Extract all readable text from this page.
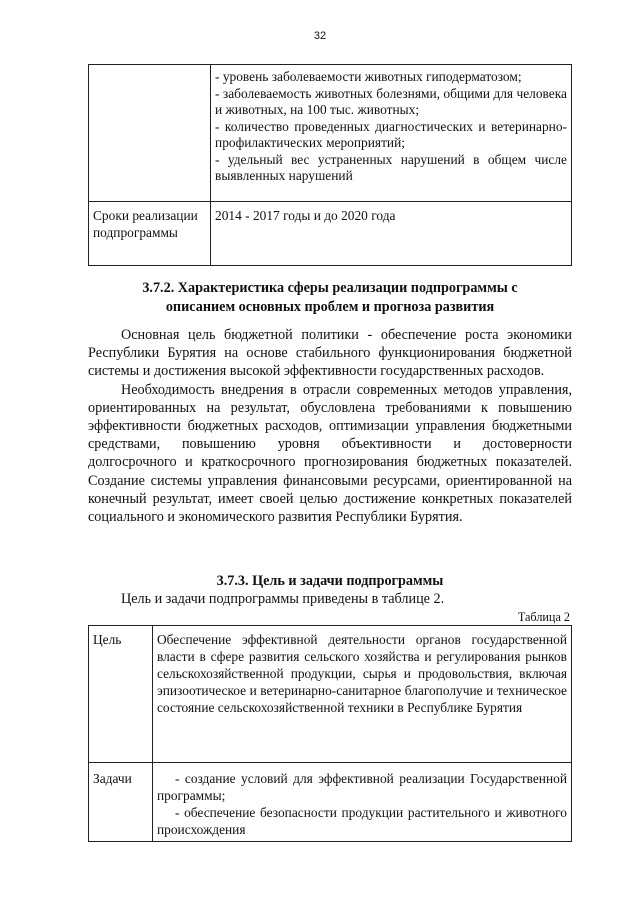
32

	- уровень заболеваемости животных гиподерматозом;
- заболеваемость животных болезнями, общими для человека и животных, на 100 тыс. животных;
- количество проведенных диагностических и ветеринарно-профилактических мероприятий;
- удельный вес устраненных нарушений в общем числе выявленных нарушений

Сроки реализации подпрограммы	2014 - 2017 годы и до 2020 года
3.7.2. Характеристика сферы реализации подпрограммы с
описанием основных проблем и прогноза развития

Основная цель бюджетной политики - обеспечение роста экономики Республики Бурятия на основе стабильного функционирования бюджетной системы и достижения высокой эффективности государственных расходов.

Необходимость внедрения в отрасли современных методов управления, ориентированных на результат, обусловлена требованиями к повышению эффективности бюджетных расходов, оптимизации управления бюджетными средствами, повышению уровня объективности и достоверности долгосрочного и краткосрочного прогнозирования бюджетных показателей. Создание системы управления финансовыми ресурсами, ориентированной на конечный результат, имеет своей целью достижение конкретных показателей социального и экономического развития Республики Бурятия.

3.7.3. Цель и задачи подпрограммы
Цель и задачи подпрограммы приведены в таблице 2.
Таблица 2
Цель	Обеспечение эффективной деятельности органов государственной власти в сфере развития сельского хозяйства и регулирования рынков сельскохозяйственной продукции, сырья и продовольствия, включая эпизоотическое и ветеринарно-санитарное благополучие и техническое состояние сельскохозяйственной техники в Республике Бурятия
Задачи	- создание условий для эффективной реализации Государственной программы;
- обеспечение безопасности продукции растительного и животного происхождения
